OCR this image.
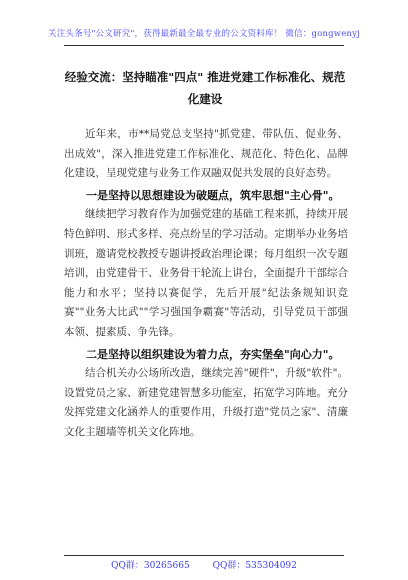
关注头条号"公文研究"，获得最新最全最专业的公文资料库！ 微信：gongwenyj
经验交流：坚持瞄准"四点" 推进党建工作标准化、规范
化建设

近年来，市**局党总支坚持"抓党建、带队伍、促业务、出成效"，深入推进党建工作标准化、规范化、特色化、品牌化建设，呈现党建与业务工作双融双促共发展的良好态势。

一是坚持以思想建设为破题点，筑牢思想"主心骨"。

继续把学习教育作为加强党建的基础工程来抓，持续开展特色鲜明、形式多样、亮点纷呈的学习活动。定期举办业务培训班，邀请党校教授专题讲授政治理论课；每月组织一次专题培训，由党建骨干、业务骨干轮流上讲台，全面提升干部综合能力和水平；坚持以赛促学，先后开展"纪法条规知识竞赛""业务大比武""学习强国争霸赛"等活动，引导党员干部强本领、提素质、争先锋。

二是坚持以组织建设为着力点，夯实堡垒"向心力"。

结合机关办公场所改造，继续完善"硬件"，升级"软件"。设置党员之家、新建党建智慧多功能室，拓宽学习阵地。充分发挥党建文化涵养人的重要作用，升级打造"党员之家"、清廉文化主题墙等机关文化阵地。

QQ群：30265665	QQ群：535304092
